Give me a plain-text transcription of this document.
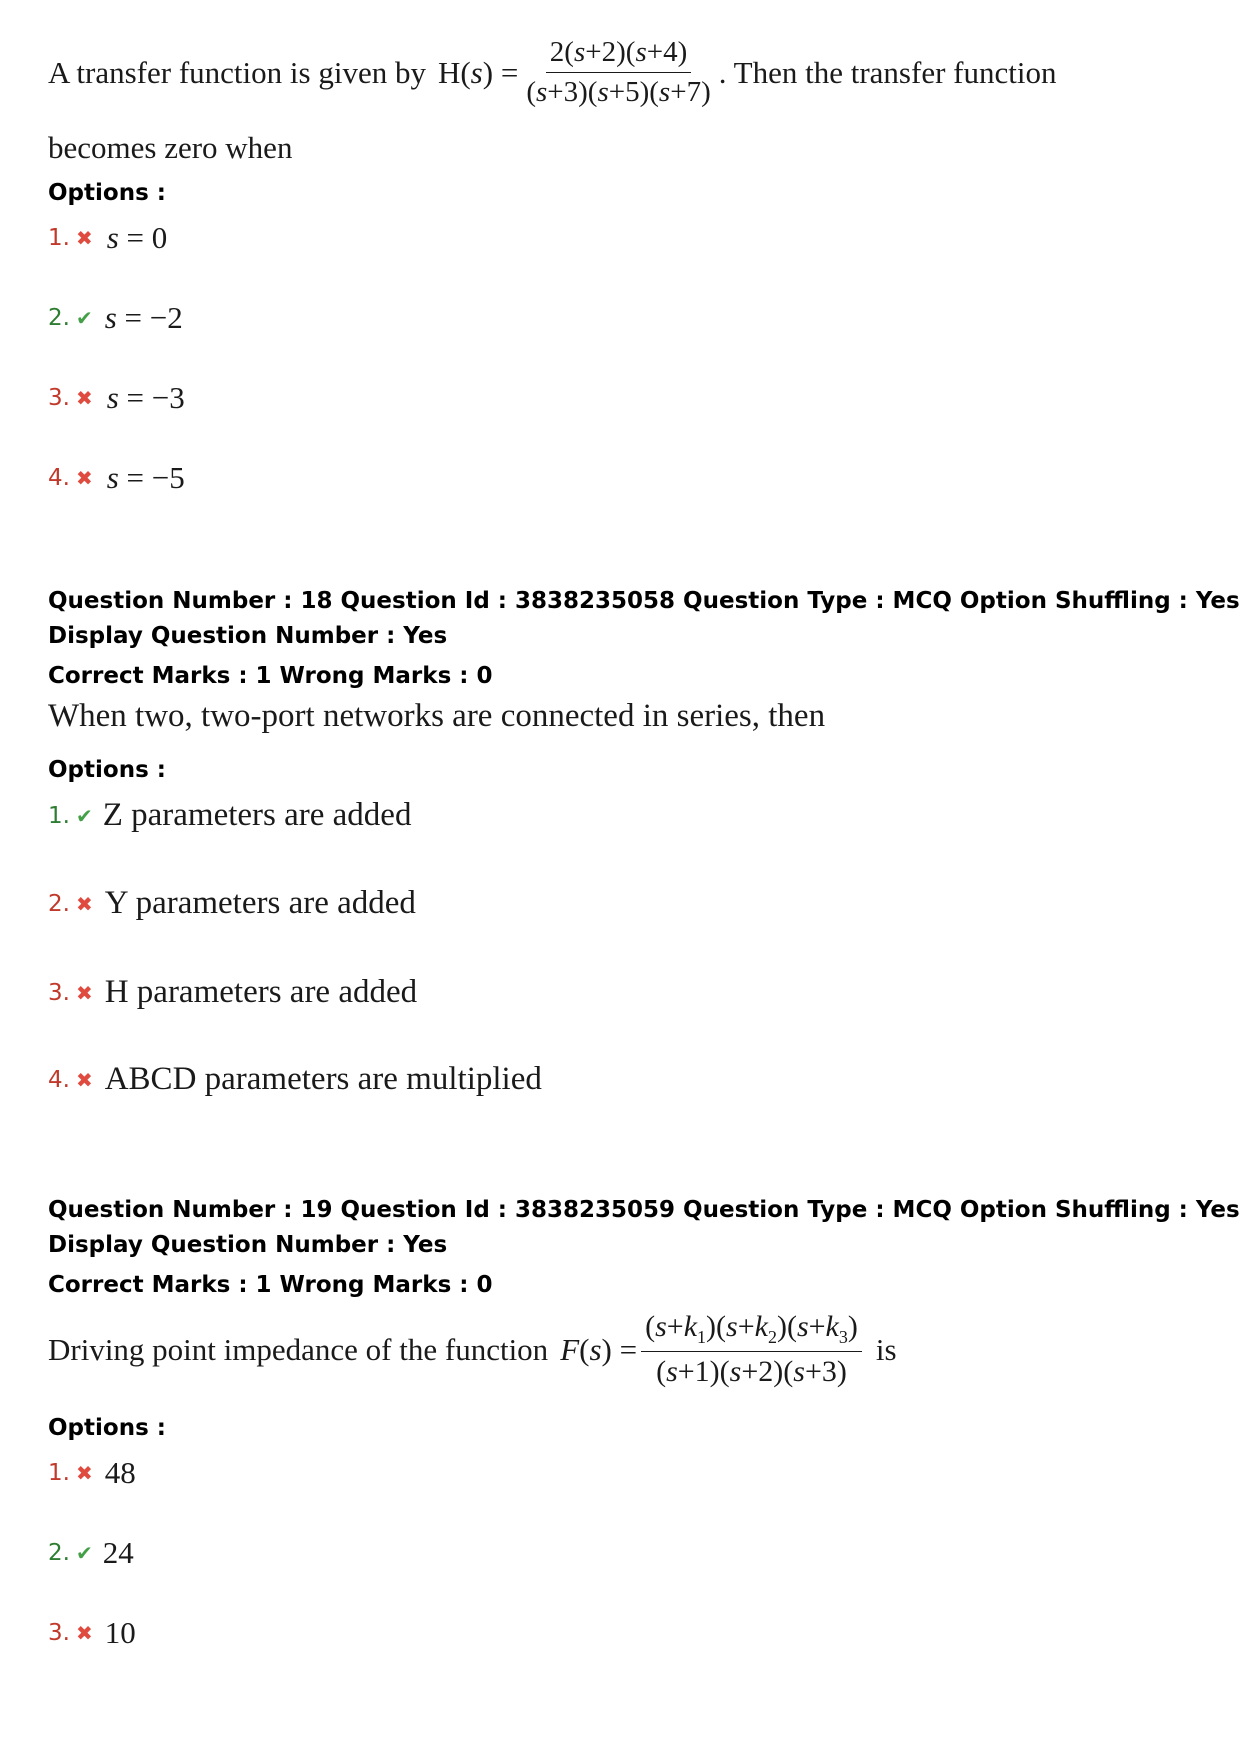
A transfer function is given by $H(s) = \frac{2(s+2)(s+4)}{(s+3)(s+5)(s+7)}$ . Then the transfer function
becomes zero when
Options :
1. ✖ s = 0
2. ✔ s = −2
3. ✖ s = −3
4. ✖ s = −5
Question Number : 18 Question Id : 3838235058 Question Type : MCQ Option Shuffling : Yes
Display Question Number : Yes
Correct Marks : 1 Wrong Marks : 0
When two, two-port networks are connected in series, then
Options :
1. ✔ Z parameters are added
2. ✖ Y parameters are added
3. ✖ H parameters are added
4. ✖ ABCD parameters are multiplied
Question Number : 19 Question Id : 3838235059 Question Type : MCQ Option Shuffling : Yes
Display Question Number : Yes
Correct Marks : 1 Wrong Marks : 0
Driving point impedance of the function $F(s) = \frac{(s+k_1)(s+k_2)(s+k_3)}{(s+1)(s+2)(s+3)}$ is
Options :
1. ✖ 48
2. ✔ 24
3. ✖ 10
